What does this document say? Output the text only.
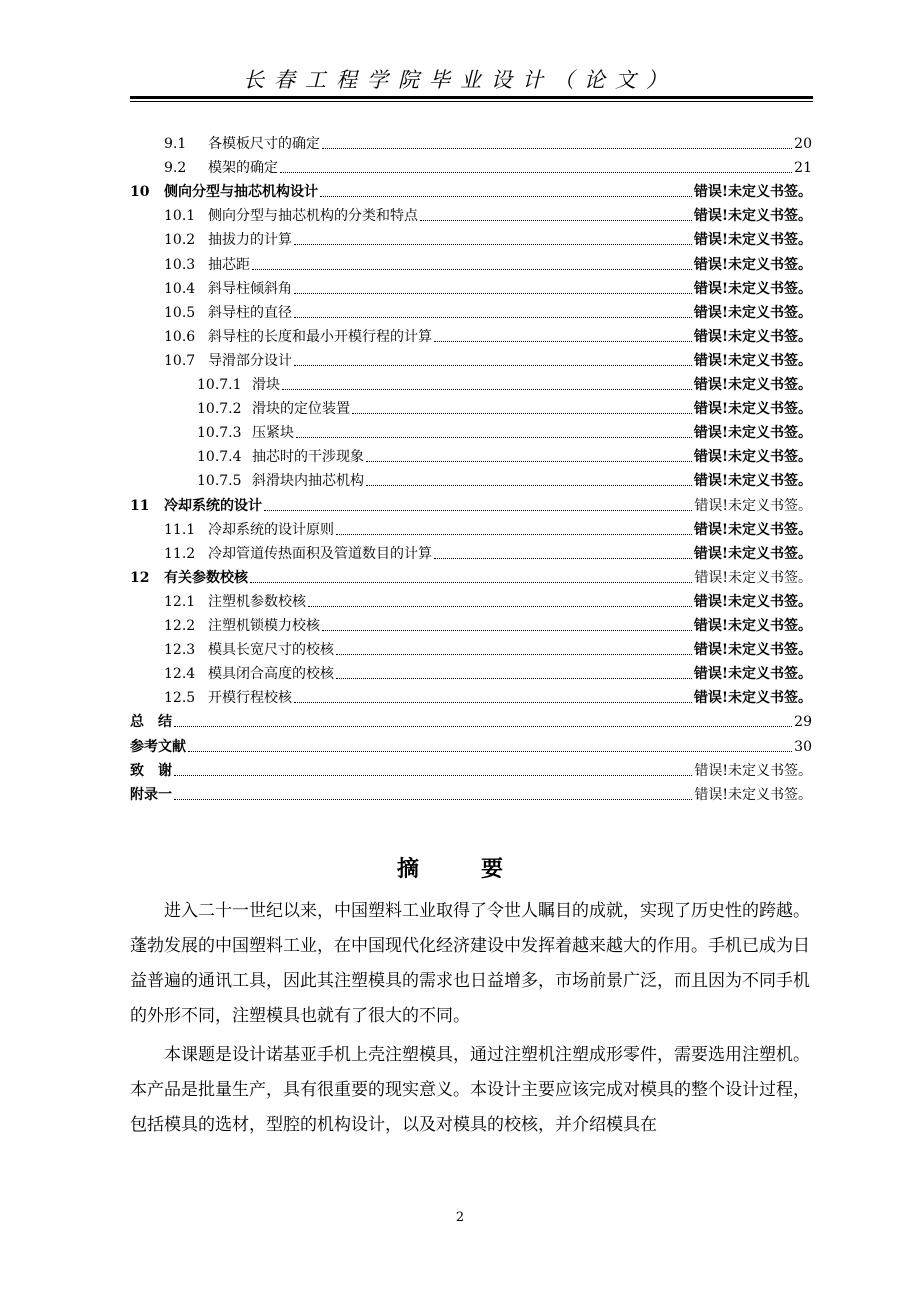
长春工程学院毕业设计（论文）
9.1 各模板尺寸的确定	20
9.2 模架的确定	21
10 侧向分型与抽芯机构设计	错误!未定义书签。
10.1 侧向分型与抽芯机构的分类和特点	错误!未定义书签。
10.2 抽拔力的计算	错误!未定义书签。
10.3 抽芯距	错误!未定义书签。
10.4 斜导柱倾斜角	错误!未定义书签。
10.5 斜导柱的直径	错误!未定义书签。
10.6 斜导柱的长度和最小开模行程的计算	错误!未定义书签。
10.7 导滑部分设计	错误!未定义书签。
10.7.1 滑块	错误!未定义书签。
10.7.2 滑块的定位装置	错误!未定义书签。
10.7.3 压紧块	错误!未定义书签。
10.7.4 抽芯时的干涉现象	错误!未定义书签。
10.7.5 斜滑块内抽芯机构	错误!未定义书签。
11 冷却系统的设计	错误!未定义书签。
11.1 冷却系统的设计原则	错误!未定义书签。
11.2 冷却管道传热面积及管道数目的计算	错误!未定义书签。
12 有关参数校核	错误!未定义书签。
12.1 注塑机参数校核	错误!未定义书签。
12.2 注塑机锁模力校核	错误!未定义书签。
12.3 模具长宽尺寸的校核	错误!未定义书签。
12.4 模具闭合高度的校核	错误!未定义书签。
12.5 开模行程校核	错误!未定义书签。
总　结	29
参考文献	30
致　谢	错误!未定义书签。
附录一	错误!未定义书签。
摘　要

进入二十一世纪以来，中国塑料工业取得了令世人瞩目的成就，实现了历史性的跨越。蓬勃发展的中国塑料工业，在中国现代化经济建设中发挥着越来越大的作用。手机已成为日益普遍的通讯工具，因此其注塑模具的需求也日益增多，市场前景广泛，而且因为不同手机的外形不同，注塑模具也就有了很大的不同。

本课题是设计诺基亚手机上壳注塑模具，通过注塑机注塑成形零件，需要选用注塑机。本产品是批量生产，具有很重要的现实意义。本设计主要应该完成对模具的整个设计过程，包括模具的选材，型腔的机构设计，以及对模具的校核，并介绍模具在

2
